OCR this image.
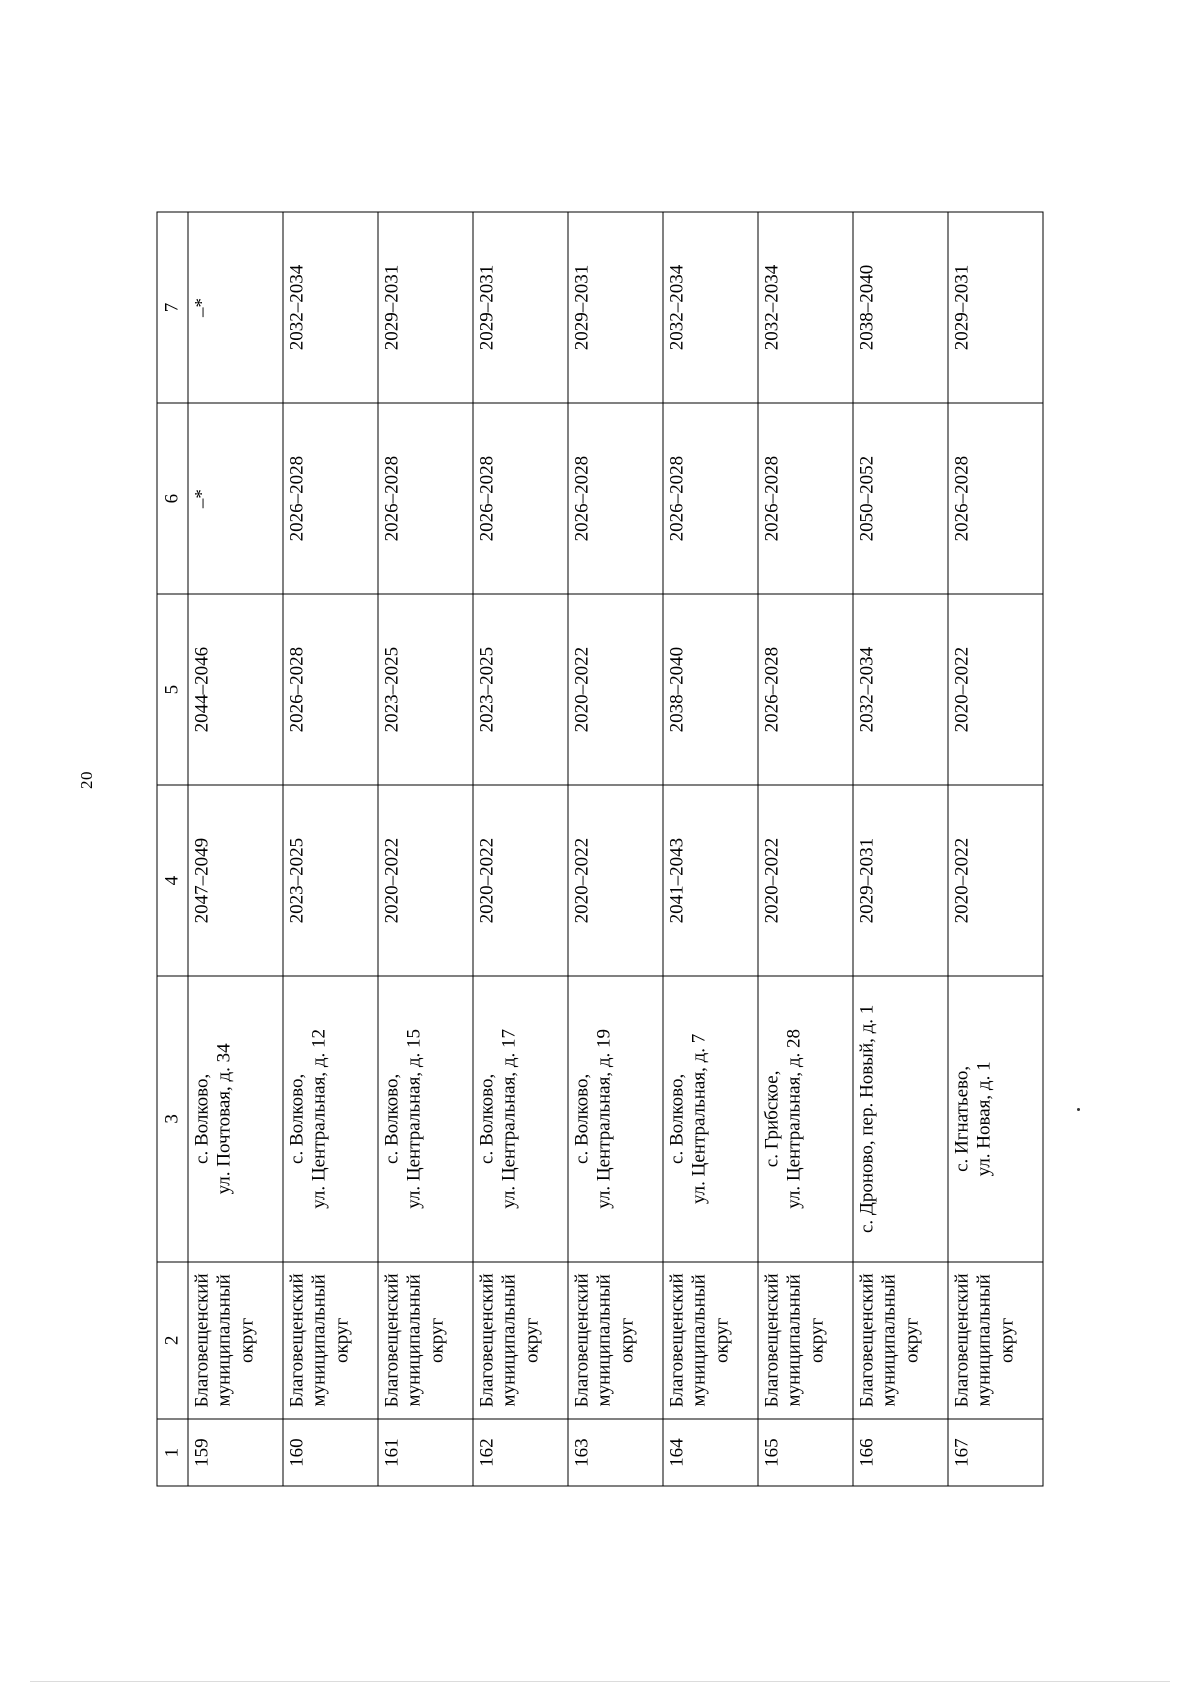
20
1	2	3	4	5	6	7
159	Благовещенский муниципальный округ	с. Волково,
ул. Почтовая, д. 34	2047–2049	2044–2046	–*	–*
160	Благовещенский муниципальный округ	с. Волково,
ул. Центральная, д. 12	2023–2025	2026–2028	2026–2028	2032–2034
161	Благовещенский муниципальный округ	с. Волково,
ул. Центральная, д. 15	2020–2022	2023–2025	2026–2028	2029–2031
162	Благовещенский муниципальный округ	с. Волково,
ул. Центральная, д. 17	2020–2022	2023–2025	2026–2028	2029–2031
163	Благовещенский муниципальный округ	с. Волково,
ул. Центральная, д. 19	2020–2022	2020–2022	2026–2028	2029–2031
164	Благовещенский муниципальный округ	с. Волково,
ул. Центральная, д. 7	2041–2043	2038–2040	2026–2028	2032–2034
165	Благовещенский муниципальный округ	с. Грибское,
ул. Центральная, д. 28	2020–2022	2026–2028	2026–2028	2032–2034
166	Благовещенский муниципальный округ	с. Дроново, пер. Новый, д. 1	2029–2031	2032–2034	2050–2052	2038–2040
167	Благовещенский муниципальный округ	с. Игнатьево,
ул. Новая, д. 1	2020–2022	2020–2022	2026–2028	2029–2031
